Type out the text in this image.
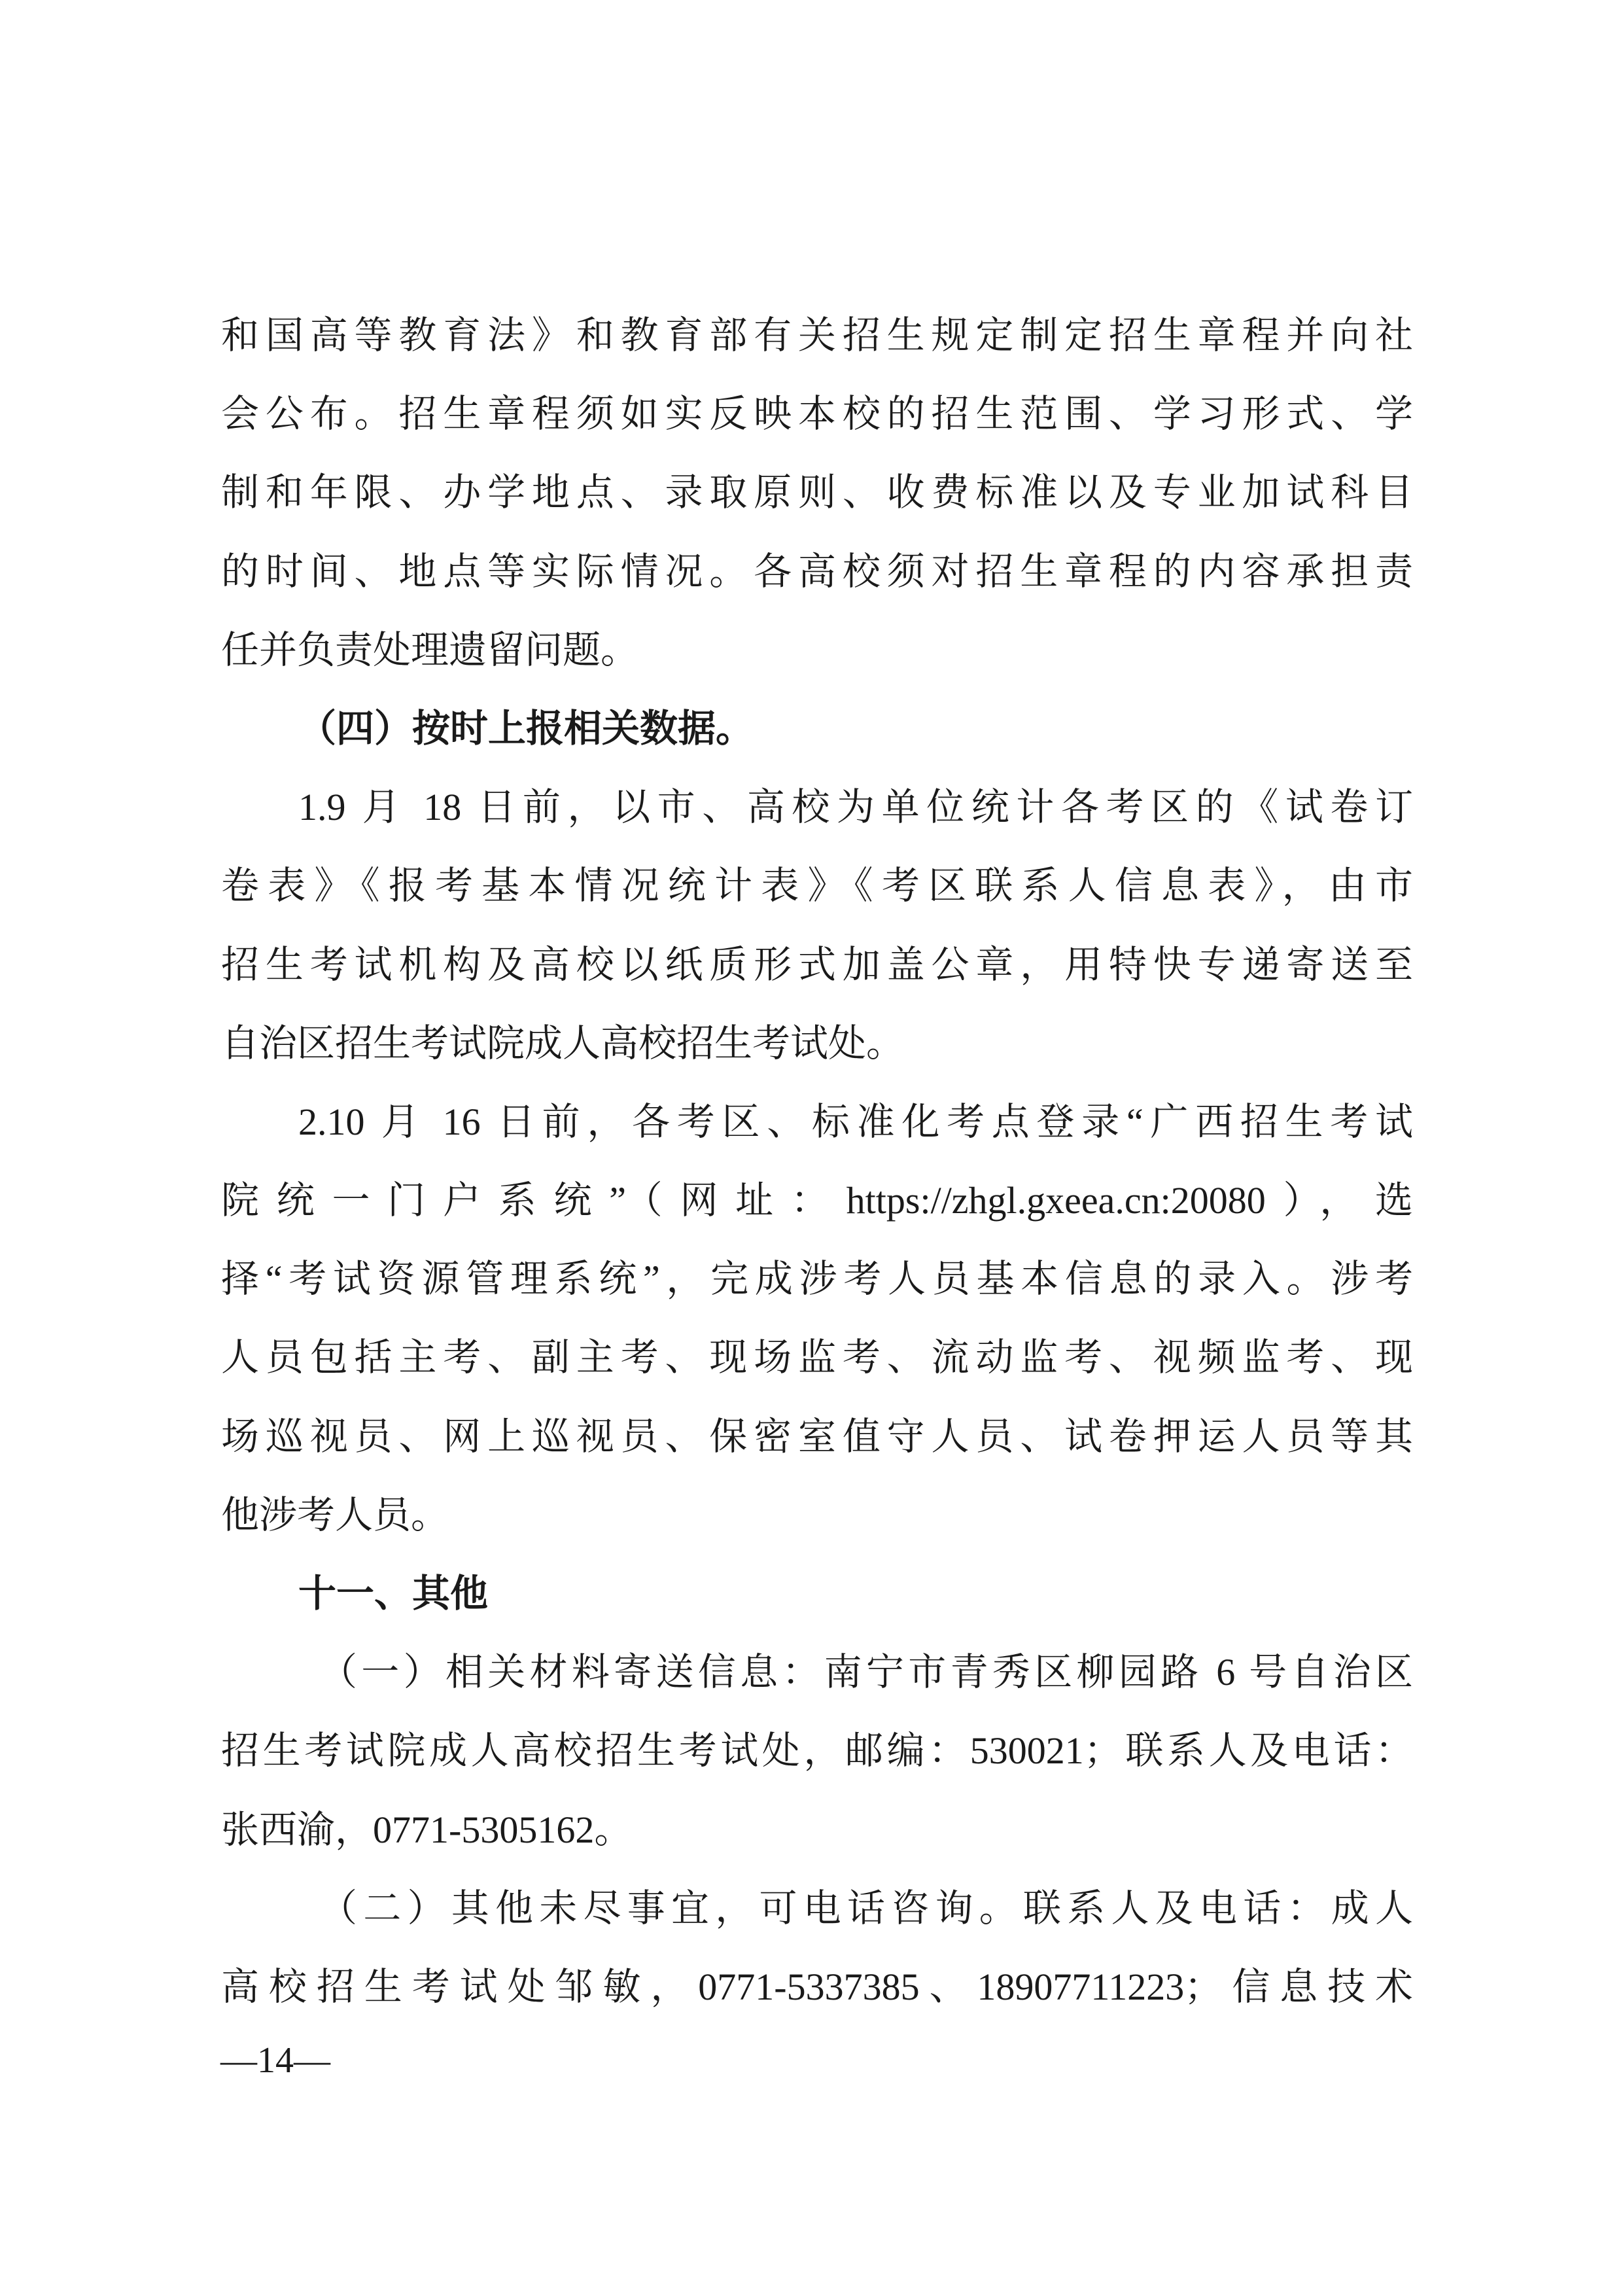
和国高等教育法》和教育部有关招生规定制定招生章程并向社
会公布。招生章程须如实反映本校的招生范围、学习形式、学
制和年限、办学地点、录取原则、收费标准以及专业加试科目
的时间、地点等实际情况。各高校须对招生章程的内容承担责
任并负责处理遗留问题。
（四）按时上报相关数据。
1.9 月 18 日前，以市、高校为单位统计各考区的《试卷订
卷表》《报考基本情况统计表》《考区联系人信息表》，由市
招生考试机构及高校以纸质形式加盖公章，用特快专递寄送至
自治区招生考试院成人高校招生考试处。
2.10 月 16 日前，各考区、标准化考点登录“广西招生考试
院统一门户系统”（网址：https://zhgl.gxeea.cn:20080），选
择“考试资源管理系统”，完成涉考人员基本信息的录入。涉考
人员包括主考、副主考、现场监考、流动监考、视频监考、现
场巡视员、网上巡视员、保密室值守人员、试卷押运人员等其
他涉考人员。
十一、其他
（一）相关材料寄送信息：南宁市青秀区柳园路 6 号自治区
招生考试院成人高校招生考试处，邮编：530021；联系人及电话：
张西渝，0771-5305162。
（二）其他未尽事宜，可电话咨询。联系人及电话：成人
高校招生考试处邹敏，0771-5337385、18907711223；信息技术
—14—
